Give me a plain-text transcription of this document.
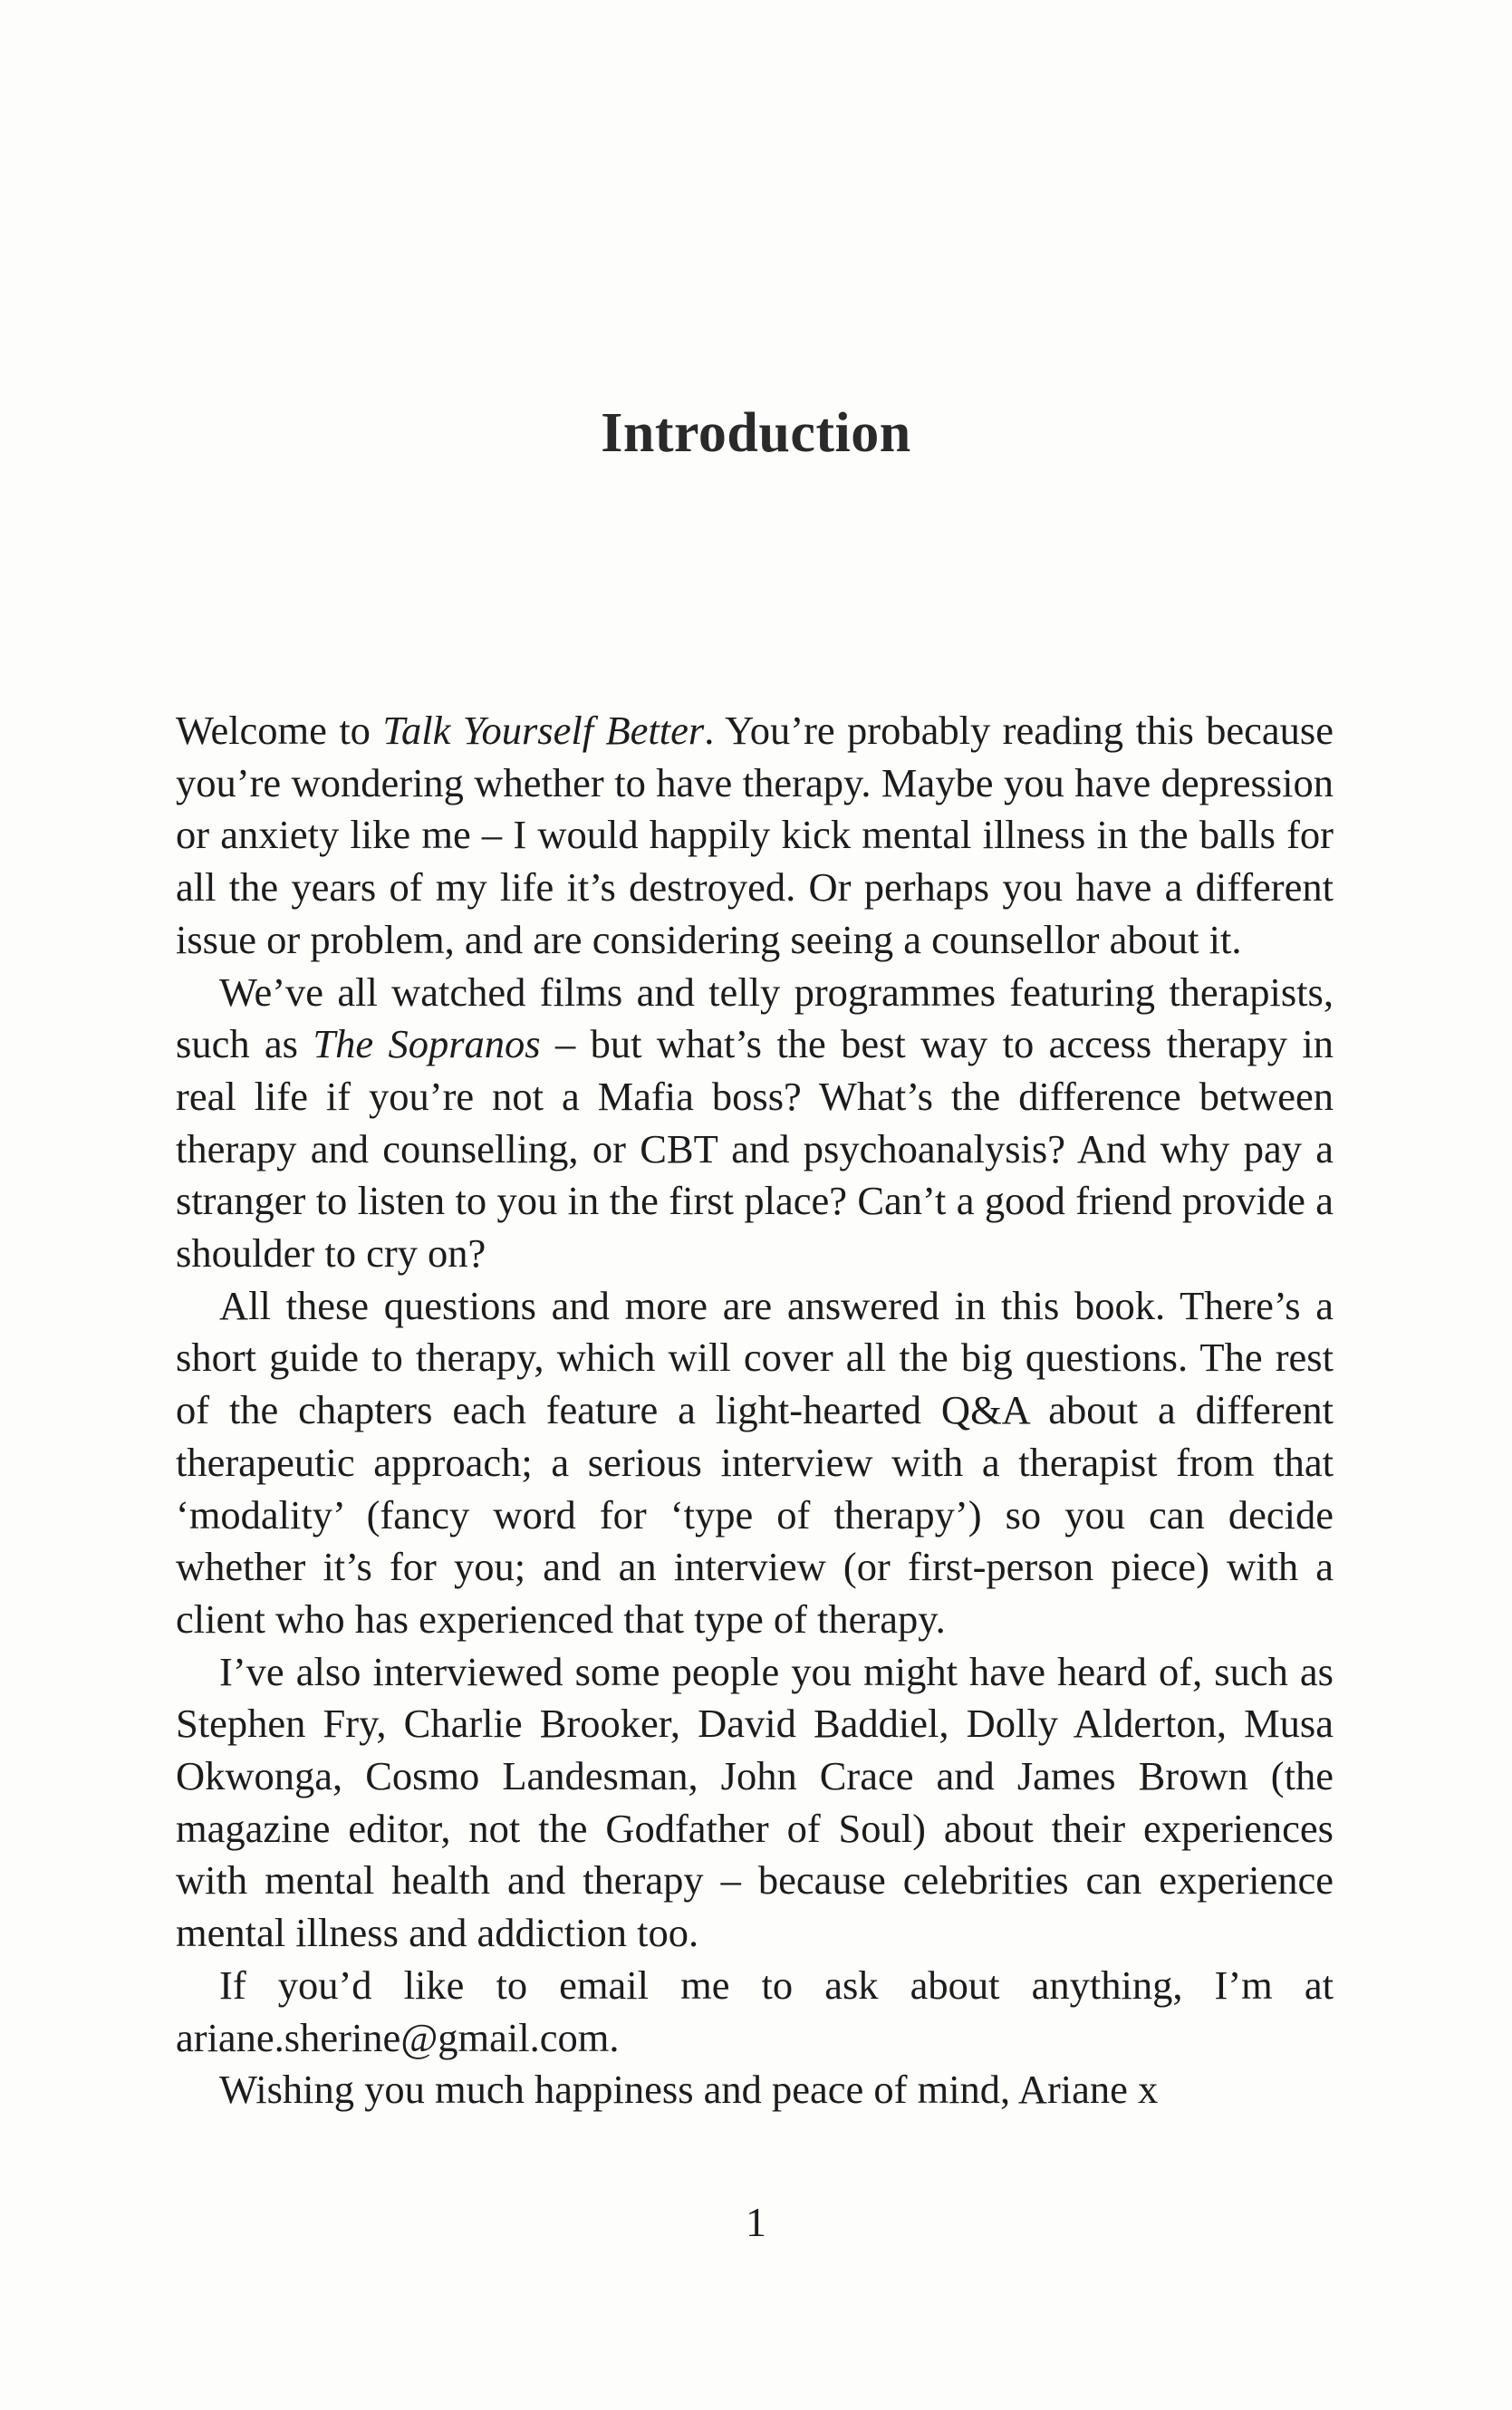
Introduction

Welcome to Talk Yourself Better. You’re probably reading this because you’re wondering whether to have therapy. Maybe you have depression or anxiety like me – I would happily kick mental illness in the balls for all the years of my life it’s destroyed. Or perhaps you have a different issue or problem, and are considering seeing a counsellor about it.

We’ve all watched films and telly programmes featuring therapists, such as The Sopranos – but what’s the best way to access therapy in real life if you’re not a Mafia boss? What’s the difference between therapy and counselling, or CBT and psychoanalysis? And why pay a stranger to listen to you in the first place? Can’t a good friend provide a shoulder to cry on?

All these questions and more are answered in this book. There’s a short guide to therapy, which will cover all the big questions. The rest of the chapters each feature a light-hearted Q&A about a different therapeutic approach; a serious interview with a therapist from that ‘modality’ (fancy word for ‘type of therapy’) so you can decide whether it’s for you; and an interview (or first-person piece) with a client who has experienced that type of therapy.

I’ve also interviewed some people you might have heard of, such as Stephen Fry, Charlie Brooker, David Baddiel, Dolly Alderton, Musa Okwonga, Cosmo Landesman, John Crace and James Brown (the magazine editor, not the Godfather of Soul) about their experiences with mental health and therapy – because celebrities can experience mental illness and addiction too.

If you’d like to email me to ask about anything, I’m at ariane.sherine@gmail.com.

Wishing you much happiness and peace of mind, Ariane x

1
